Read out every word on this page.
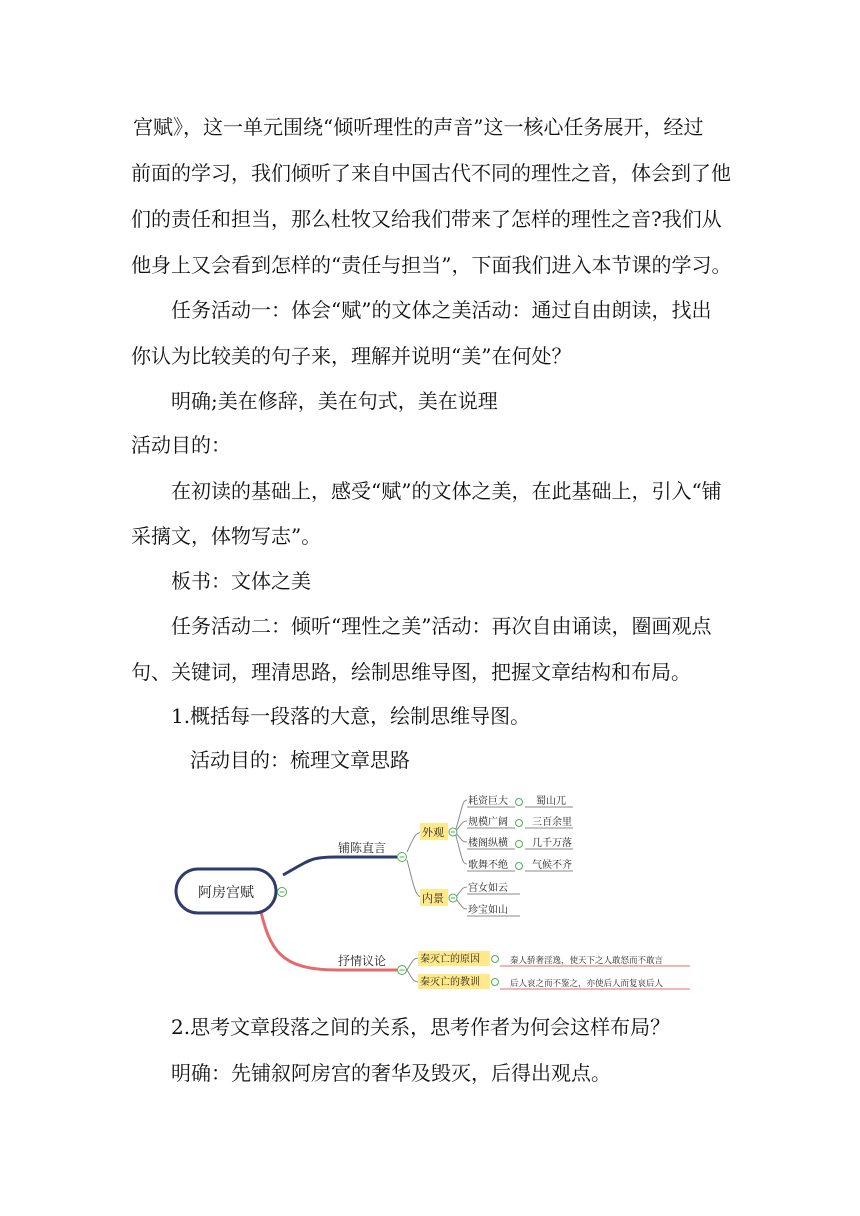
宫赋》，这一单元围绕“倾听理性的声音”这一核心任务展开，经过
前面的学习，我们倾听了来自中国古代不同的理性之音，体会到了他
们的责任和担当，那么杜牧又给我们带来了怎样的理性之音?我们从
他身上又会看到怎样的“责任与担当”，下面我们进入本节课的学习。
任务活动一：体会“赋”的文体之美活动：通过自由朗读，找出
你认为比较美的句子来，理解并说明“美”在何处？
明确;美在修辞，美在句式，美在说理
活动目的：
在初读的基础上，感受“赋”的文体之美，在此基础上，引入“铺
采摛文，体物写志”。
板书：文体之美
任务活动二：倾听“理性之美”活动：再次自由诵读，圈画观点
句、关键词，理清思路，绘制思维导图，把握文章结构和布局。
1.概括每一段落的大意，绘制思维导图。
活动目的：梳理文章思路
阿房宫赋
铺陈直言
抒情议论
外观
内景
耗资巨大	蜀山兀
规模广阔 三百余里
楼阁纵横 几千万落
歌舞不绝 气候不齐
宫女如云
珍宝如山
秦灭亡的原因	秦人骄奢淫逸，使天下之人敢怒而不敢言
秦灭亡的教训	后人哀之而不鉴之，亦使后人而复哀后人
2.思考文章段落之间的关系，思考作者为何会这样布局？
明确：先铺叙阿房宫的奢华及毁灭，后得出观点。
